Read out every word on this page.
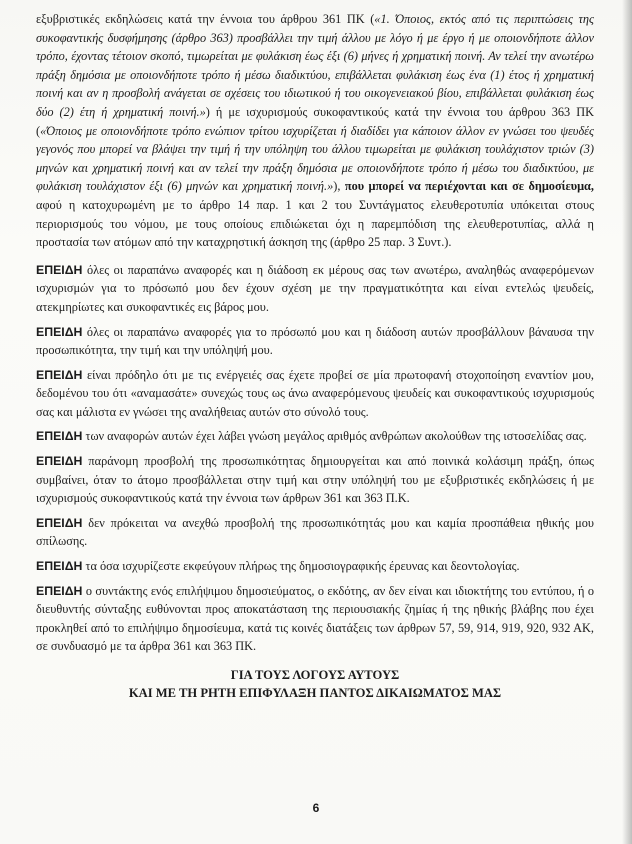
εξυβριστικές εκδηλώσεις κατά την έννοια του άρθρου 361 ΠΚ («1. Όποιος, εκτός από τις περιπτώσεις της συκοφαντικής δυσφήμησης (άρθρο 363) προσβάλλει την τιμή άλλου με λόγο ή με έργο ή με οποιονδήποτε άλλον τρόπο, έχοντας τέτοιον σκοπό, τιμωρείται με φυλάκιση έως έξι (6) μήνες ή χρηματική ποινή. Αν τελεί την ανωτέρω πράξη δημόσια με οποιονδήποτε τρόπο ή μέσω διαδικτύου, επιβάλλεται φυλάκιση έως ένα (1) έτος ή χρηματική ποινή και αν η προσβολή ανάγεται σε σχέσεις του ιδιωτικού ή του οικογενειακού βίου, επιβάλλεται φυλάκιση έως δύο (2) έτη ή χρηματική ποινή.») ή με ισχυρισμούς συκοφαντικούς κατά την έννοια του άρθρου 363 ΠΚ («Όποιος με οποιονδήποτε τρόπο ενώπιον τρίτου ισχυρίζεται ή διαδίδει για κάποιον άλλον εν γνώσει του ψευδές γεγονός που μπορεί να βλάψει την τιμή ή την υπόληψη του άλλου τιμωρείται με φυλάκιση τουλάχιστον τριών (3) μηνών και χρηματική ποινή και αν τελεί την πράξη δημόσια με οποιονδήποτε τρόπο ή μέσω του διαδικτύου, με φυλάκιση τουλάχιστον έξι (6) μηνών και χρηματική ποινή.»), που μπορεί να περιέχονται και σε δημοσίευμα, αφού η κατοχυρωμένη με το άρθρο 14 παρ. 1 και 2 του Συντάγματος ελευθεροτυπία υπόκειται στους περιορισμούς του νόμου, με τους οποίους επιδιώκεται όχι η παρεμπόδιση της ελευθεροτυπίας, αλλά η προστασία των ατόμων από την καταχρηστική άσκηση της (άρθρο 25 παρ. 3 Συντ.).

ΕΠΕΙΔΗ όλες οι παραπάνω αναφορές και η διάδοση εκ μέρους σας των ανωτέρω, αναληθώς αναφερόμενων ισχυρισμών για το πρόσωπό μου δεν έχουν σχέση με την πραγματικότητα και είναι εντελώς ψευδείς, ατεκμηρίωτες και συκοφαντικές εις βάρος μου.

ΕΠΕΙΔΗ όλες οι παραπάνω αναφορές για το πρόσωπό μου και η διάδοση αυτών προσβάλλουν βάναυσα την προσωπικότητα, την τιμή και την υπόληψή μου.

ΕΠΕΙΔΗ είναι πρόδηλο ότι με τις ενέργειές σας έχετε προβεί σε μία πρωτοφανή στοχοποίηση εναντίον μου, δεδομένου του ότι «αναμασάτε» συνεχώς τους ως άνω αναφερόμενους ψευδείς και συκοφαντικούς ισχυρισμούς σας και μάλιστα εν γνώσει της αναλήθειας αυτών στο σύνολό τους.

ΕΠΕΙΔΗ των αναφορών αυτών έχει λάβει γνώση μεγάλος αριθμός ανθρώπων ακολούθων της ιστοσελίδας σας.

ΕΠΕΙΔΗ παράνομη προσβολή της προσωπικότητας δημιουργείται και από ποινικά κολάσιμη πράξη, όπως συμβαίνει, όταν το άτομο προσβάλλεται στην τιμή και στην υπόληψή του με εξυβριστικές εκδηλώσεις ή με ισχυρισμούς συκοφαντικούς κατά την έννοια των άρθρων 361 και 363 Π.Κ.

ΕΠΕΙΔΗ δεν πρόκειται να ανεχθώ προσβολή της προσωπικότητάς μου και καμία προσπάθεια ηθικής μου σπίλωσης.

ΕΠΕΙΔΗ τα όσα ισχυρίζεστε εκφεύγουν πλήρως της δημοσιογραφικής έρευνας και δεοντολογίας.

ΕΠΕΙΔΗ ο συντάκτης ενός επιλήψιμου δημοσιεύματος, ο εκδότης, αν δεν είναι και ιδιοκτήτης του εντύπου, ή ο διευθυντής σύνταξης ευθύνονται προς αποκατάσταση της περιουσιακής ζημίας ή της ηθικής βλάβης που έχει προκληθεί από το επιλήψιμο δημοσίευμα, κατά τις κοινές διατάξεις των άρθρων 57, 59, 914, 919, 920, 932 ΑΚ, σε συνδυασμό με τα άρθρα 361 και 363 ΠΚ.

ΓΙΑ ΤΟΥΣ ΛΟΓΟΥΣ ΑΥΤΟΥΣ
ΚΑΙ ΜΕ ΤΗ ΡΗΤΗ ΕΠΙΦΥΛΑΞΗ ΠΑΝΤΟΣ ΔΙΚΑΙΩΜΑΤΟΣ ΜΑΣ
6
